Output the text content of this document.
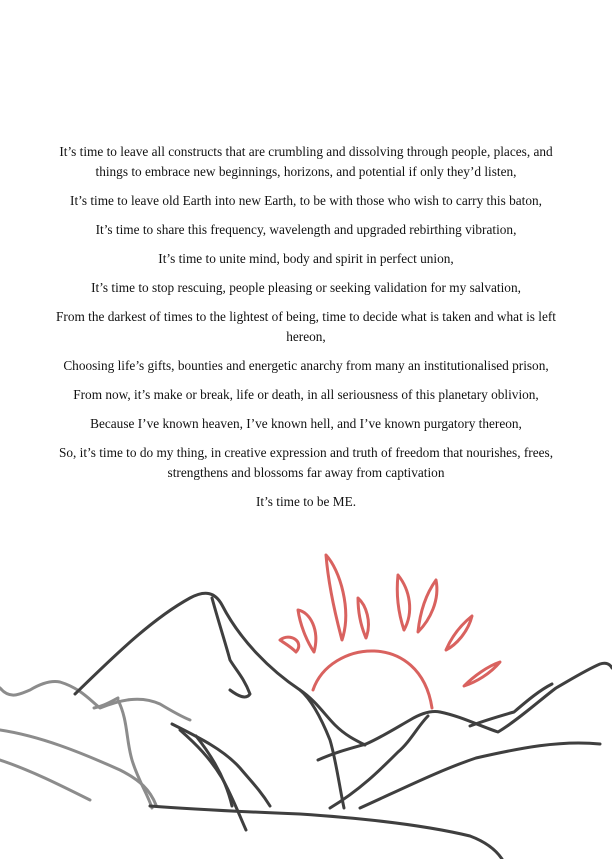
It’s time to leave all constructs that are crumbling and dissolving through people, places, and things to embrace new beginnings, horizons, and potential if only they’d listen,

It’s time to leave old Earth into new Earth, to be with those who wish to carry this baton,

It’s time to share this frequency, wavelength and upgraded rebirthing vibration,

It’s time to unite mind, body and spirit in perfect union,

It’s time to stop rescuing, people pleasing or seeking validation for my salvation,

From the darkest of times to the lightest of being, time to decide what is taken and what is left hereon,

Choosing life’s gifts, bounties and energetic anarchy from many an institutionalised prison,

From now, it’s make or break, life or death, in all seriousness of this planetary oblivion,

Because I’ve known heaven, I’ve known hell, and I’ve known purgatory thereon,

So, it’s time to do my thing, in creative expression and truth of freedom that nourishes, frees, strengthens and blossoms far away from captivation

It’s time to be ME.
